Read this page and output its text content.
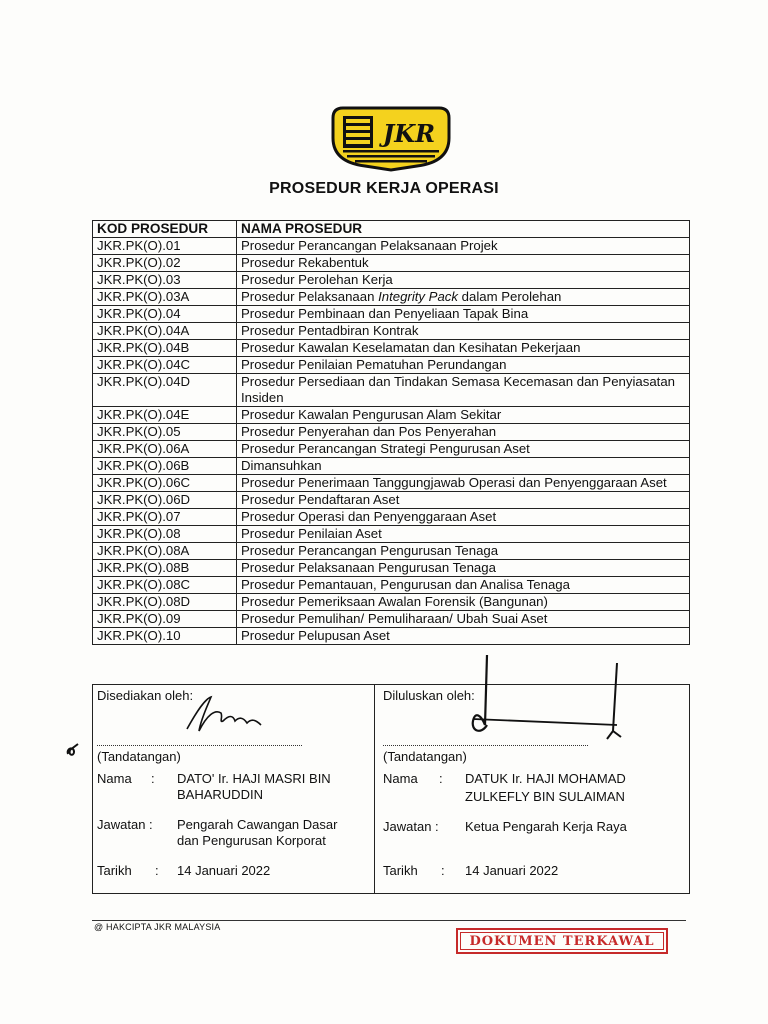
JKR
PROSEDUR KERJA OPERASI
KOD PROSEDUR	NAMA PROSEDUR
JKR.PK(O).01	Prosedur Perancangan Pelaksanaan Projek
JKR.PK(O).02	Prosedur Rekabentuk
JKR.PK(O).03	Prosedur Perolehan Kerja
JKR.PK(O).03A	Prosedur Pelaksanaan Integrity Pack dalam Perolehan
JKR.PK(O).04	Prosedur Pembinaan dan Penyeliaan Tapak Bina
JKR.PK(O).04A	Prosedur Pentadbiran Kontrak
JKR.PK(O).04B	Prosedur Kawalan Keselamatan dan Kesihatan Pekerjaan
JKR.PK(O).04C	Prosedur Penilaian Pematuhan Perundangan
JKR.PK(O).04D	Prosedur Persediaan dan Tindakan Semasa Kecemasan dan Penyiasatan Insiden
JKR.PK(O).04E	Prosedur Kawalan Pengurusan Alam Sekitar
JKR.PK(O).05	Prosedur Penyerahan dan Pos Penyerahan
JKR.PK(O).06A	Prosedur Perancangan Strategi Pengurusan Aset
JKR.PK(O).06B	Dimansuhkan
JKR.PK(O).06C	Prosedur Penerimaan Tanggungjawab Operasi dan Penyenggaraan Aset
JKR.PK(O).06D	Prosedur Pendaftaran Aset
JKR.PK(O).07	Prosedur Operasi dan Penyenggaraan Aset
JKR.PK(O).08	Prosedur Penilaian Aset
JKR.PK(O).08A	Prosedur Perancangan Pengurusan Tenaga
JKR.PK(O).08B	Prosedur Pelaksanaan Pengurusan Tenaga
JKR.PK(O).08C	Prosedur Pemantauan, Pengurusan dan Analisa Tenaga
JKR.PK(O).08D	Prosedur Pemeriksaan Awalan Forensik (Bangunan)
JKR.PK(O).09	Prosedur Pemulihan/ Pemuliharaan/ Ubah Suai Aset
JKR.PK(O).10	Prosedur Pelupusan Aset
Disediakan oleh:
(Tandatangan)
Nama : DATO' Ir. HAJI MASRI BIN
BAHARUDDIN
Jawatan : Pengarah Cawangan Dasar
dan Pengurusan Korporat
Tarikh : 14 Januari 2022
Diluluskan oleh:
(Tandatangan)
Nama : DATUK Ir. HAJI MOHAMAD
ZULKEFLY BIN SULAIMAN
Jawatan : Ketua Pengarah Kerja Raya
Tarikh : 14 Januari 2022
@ HAKCIPTA JKR MALAYSIA
DOKUMEN TERKAWAL
